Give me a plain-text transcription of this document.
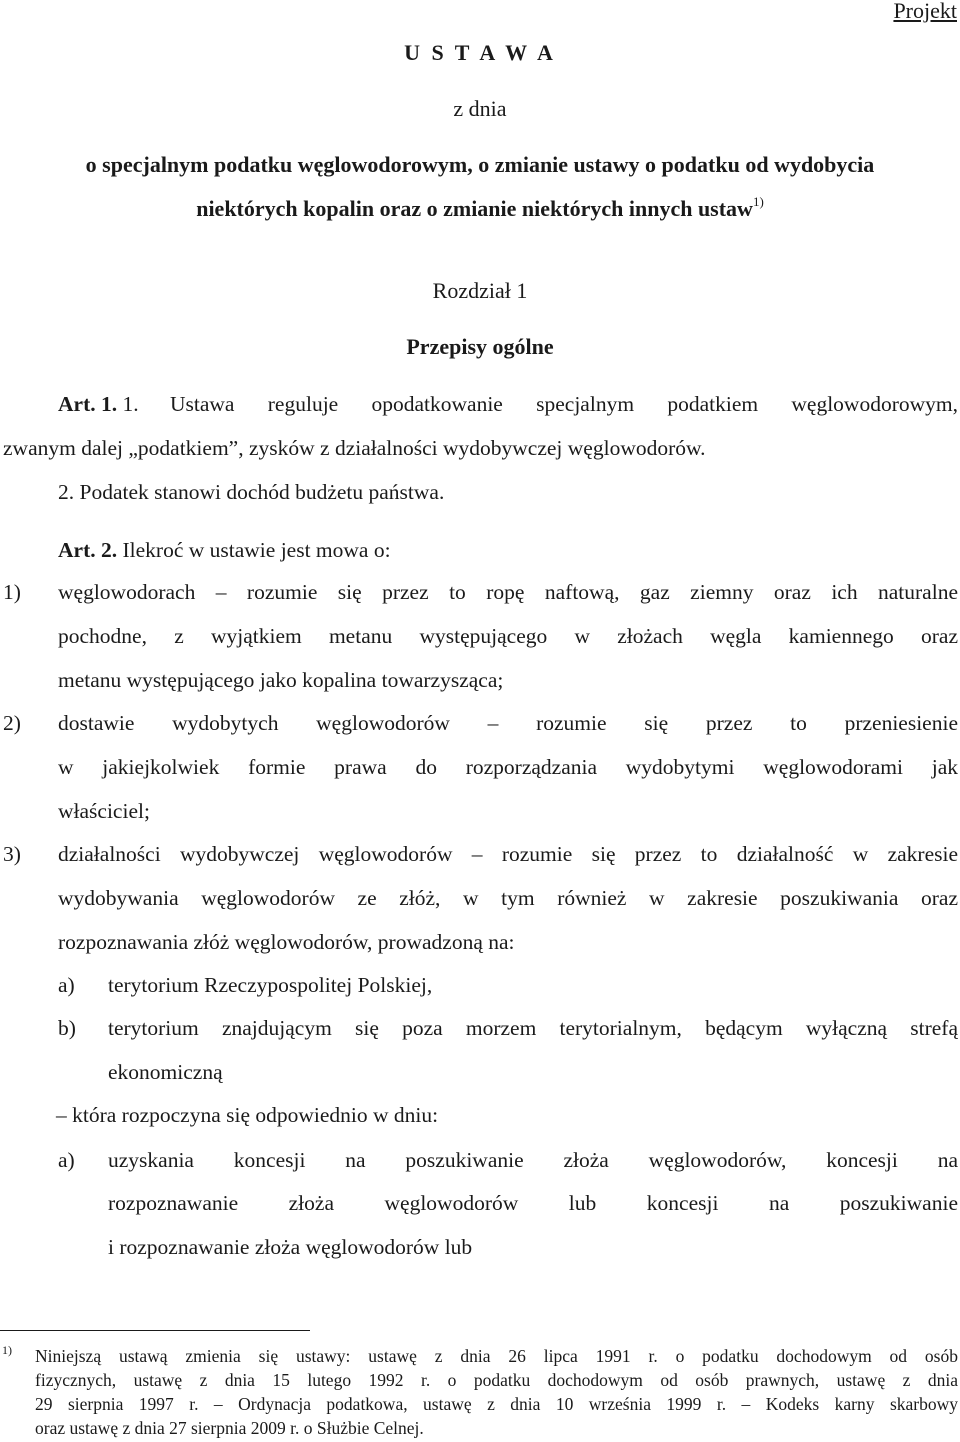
Projekt
U S T A W A
z dnia
o specjalnym podatku węglowodorowym, o zmianie ustawy o podatku od wydobycia
niektórych kopalin oraz o zmianie niektórych innych ustaw$^{1)}$
Rozdział 1
Przepisy ogólne
Art. 1. 1. Ustawa reguluje opodatkowanie specjalnym podatkiem węglowodorowym,
zwanym dalej „podatkiem”, zysków z działalności wydobywczej węglowodorów.
2. Podatek stanowi dochód budżetu państwa.
Art. 2. Ilekroć w ustawie jest mowa o:
1) węglowodorach – rozumie się przez to ropę naftową, gaz ziemny oraz ich naturalne
pochodne, z wyjątkiem metanu występującego w złożach węgla kamiennego oraz
metanu występującego jako kopalina towarzysząca;
2) dostawie wydobytych węglowodorów – rozumie się przez to przeniesienie
w jakiejkolwiek formie prawa do rozporządzania wydobytymi węglowodorami jak
właściciel;
3) działalności wydobywczej węglowodorów – rozumie się przez to działalność w zakresie
wydobywania węglowodorów ze złóż, w tym również w zakresie poszukiwania oraz
rozpoznawania złóż węglowodorów, prowadzoną na:
a) terytorium Rzeczypospolitej Polskiej,
b) terytorium znajdującym się poza morzem terytorialnym, będącym wyłączną strefą
ekonomiczną
– która rozpoczyna się odpowiednio w dniu:
a) uzyskania koncesji na poszukiwanie złoża węglowodorów, koncesji na
rozpoznawanie złoża węglowodorów lub koncesji na poszukiwanie
i rozpoznawanie złoża węglowodorów lub
1) Niniejszą ustawą zmienia się ustawy: ustawę z dnia 26 lipca 1991 r. o podatku dochodowym od osób
fizycznych, ustawę z dnia 15 lutego 1992 r. o podatku dochodowym od osób prawnych, ustawę z dnia
29 sierpnia 1997 r. – Ordynacja podatkowa, ustawę z dnia 10 września 1999 r. – Kodeks karny skarbowy
oraz ustawę z dnia 27 sierpnia 2009 r. o Służbie Celnej.
